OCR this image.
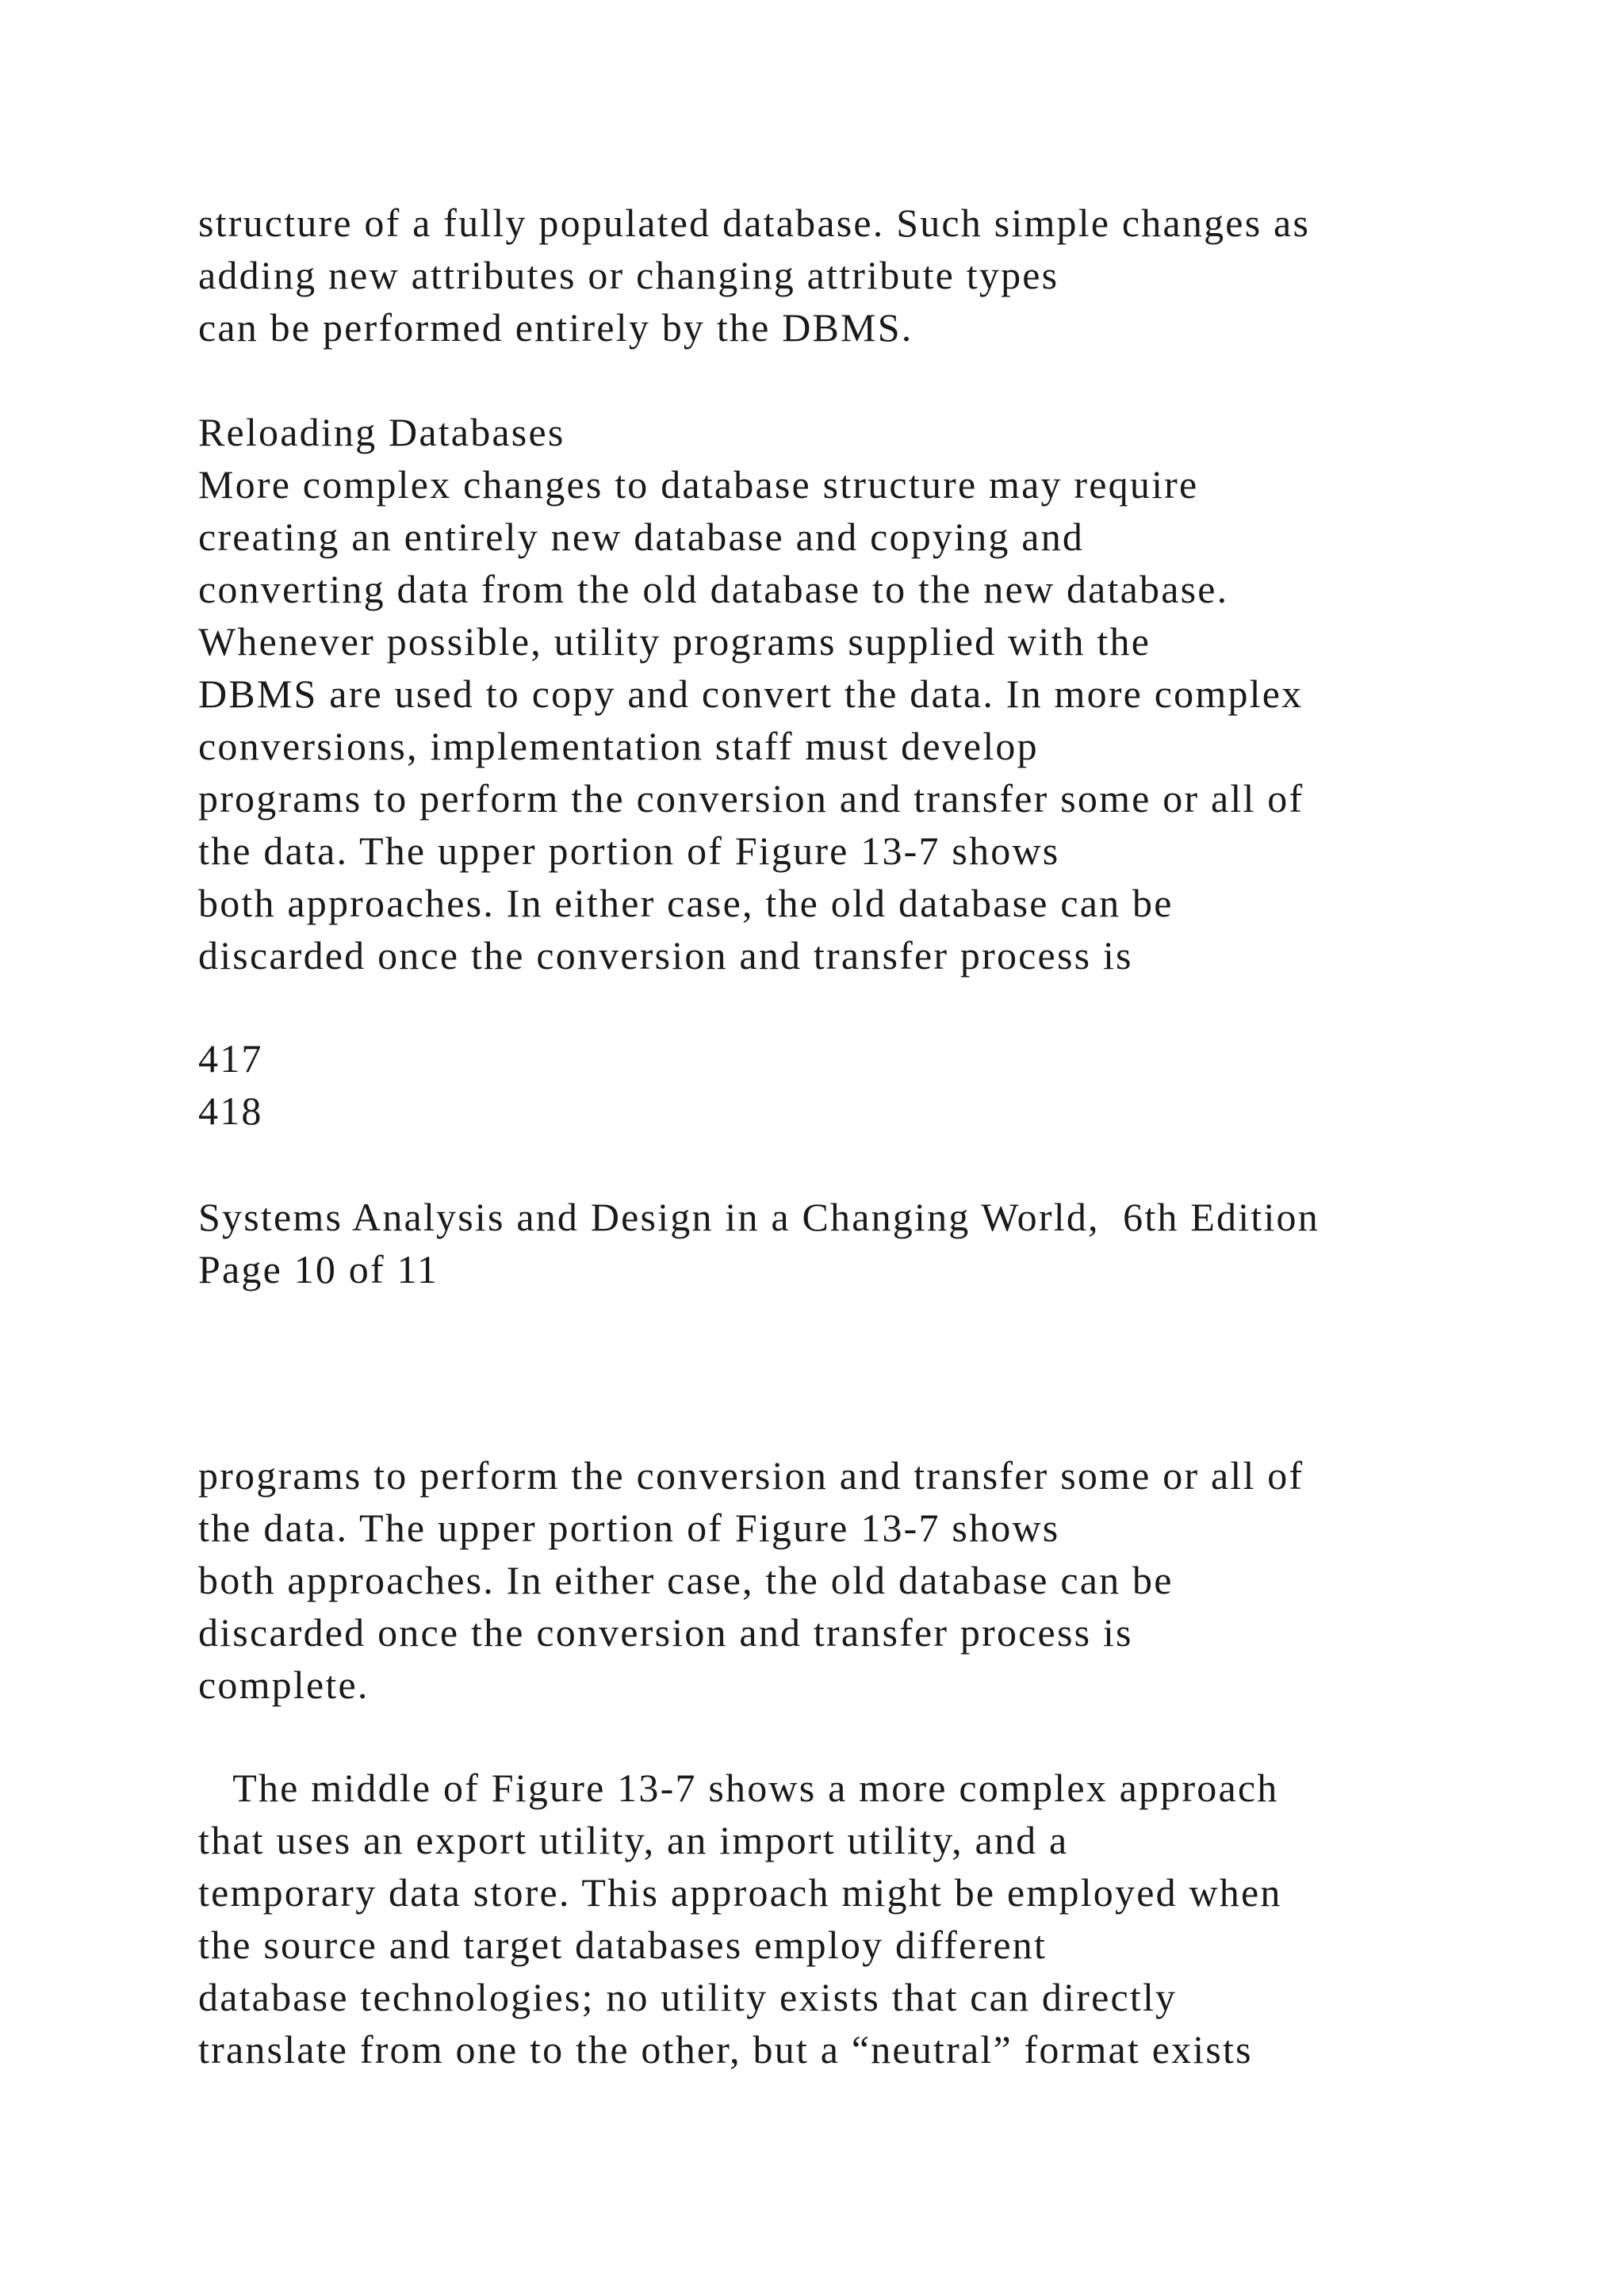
structure of a fully populated database. Such simple changes as
adding new attributes or changing attribute types
can be performed entirely by the DBMS.
Reloading Databases
More complex changes to database structure may require
creating an entirely new database and copying and
converting data from the old database to the new database.
Whenever possible, utility programs supplied with the
DBMS are used to copy and convert the data. In more complex
conversions, implementation staff must develop
programs to perform the conversion and transfer some or all of
the data. The upper portion of Figure 13-7 shows
both approaches. In either case, the old database can be
discarded once the conversion and transfer process is
417
418
Systems Analysis and Design in a Changing World,  6th Edition
Page 10 of 11
programs to perform the conversion and transfer some or all of
the data. The upper portion of Figure 13-7 shows
both approaches. In either case, the old database can be
discarded once the conversion and transfer process is
complete.
The middle of Figure 13-7 shows a more complex approach
that uses an export utility, an import utility, and a
temporary data store. This approach might be employed when
the source and target databases employ different
database technologies; no utility exists that can directly
translate from one to the other, but a “neutral” format exists
